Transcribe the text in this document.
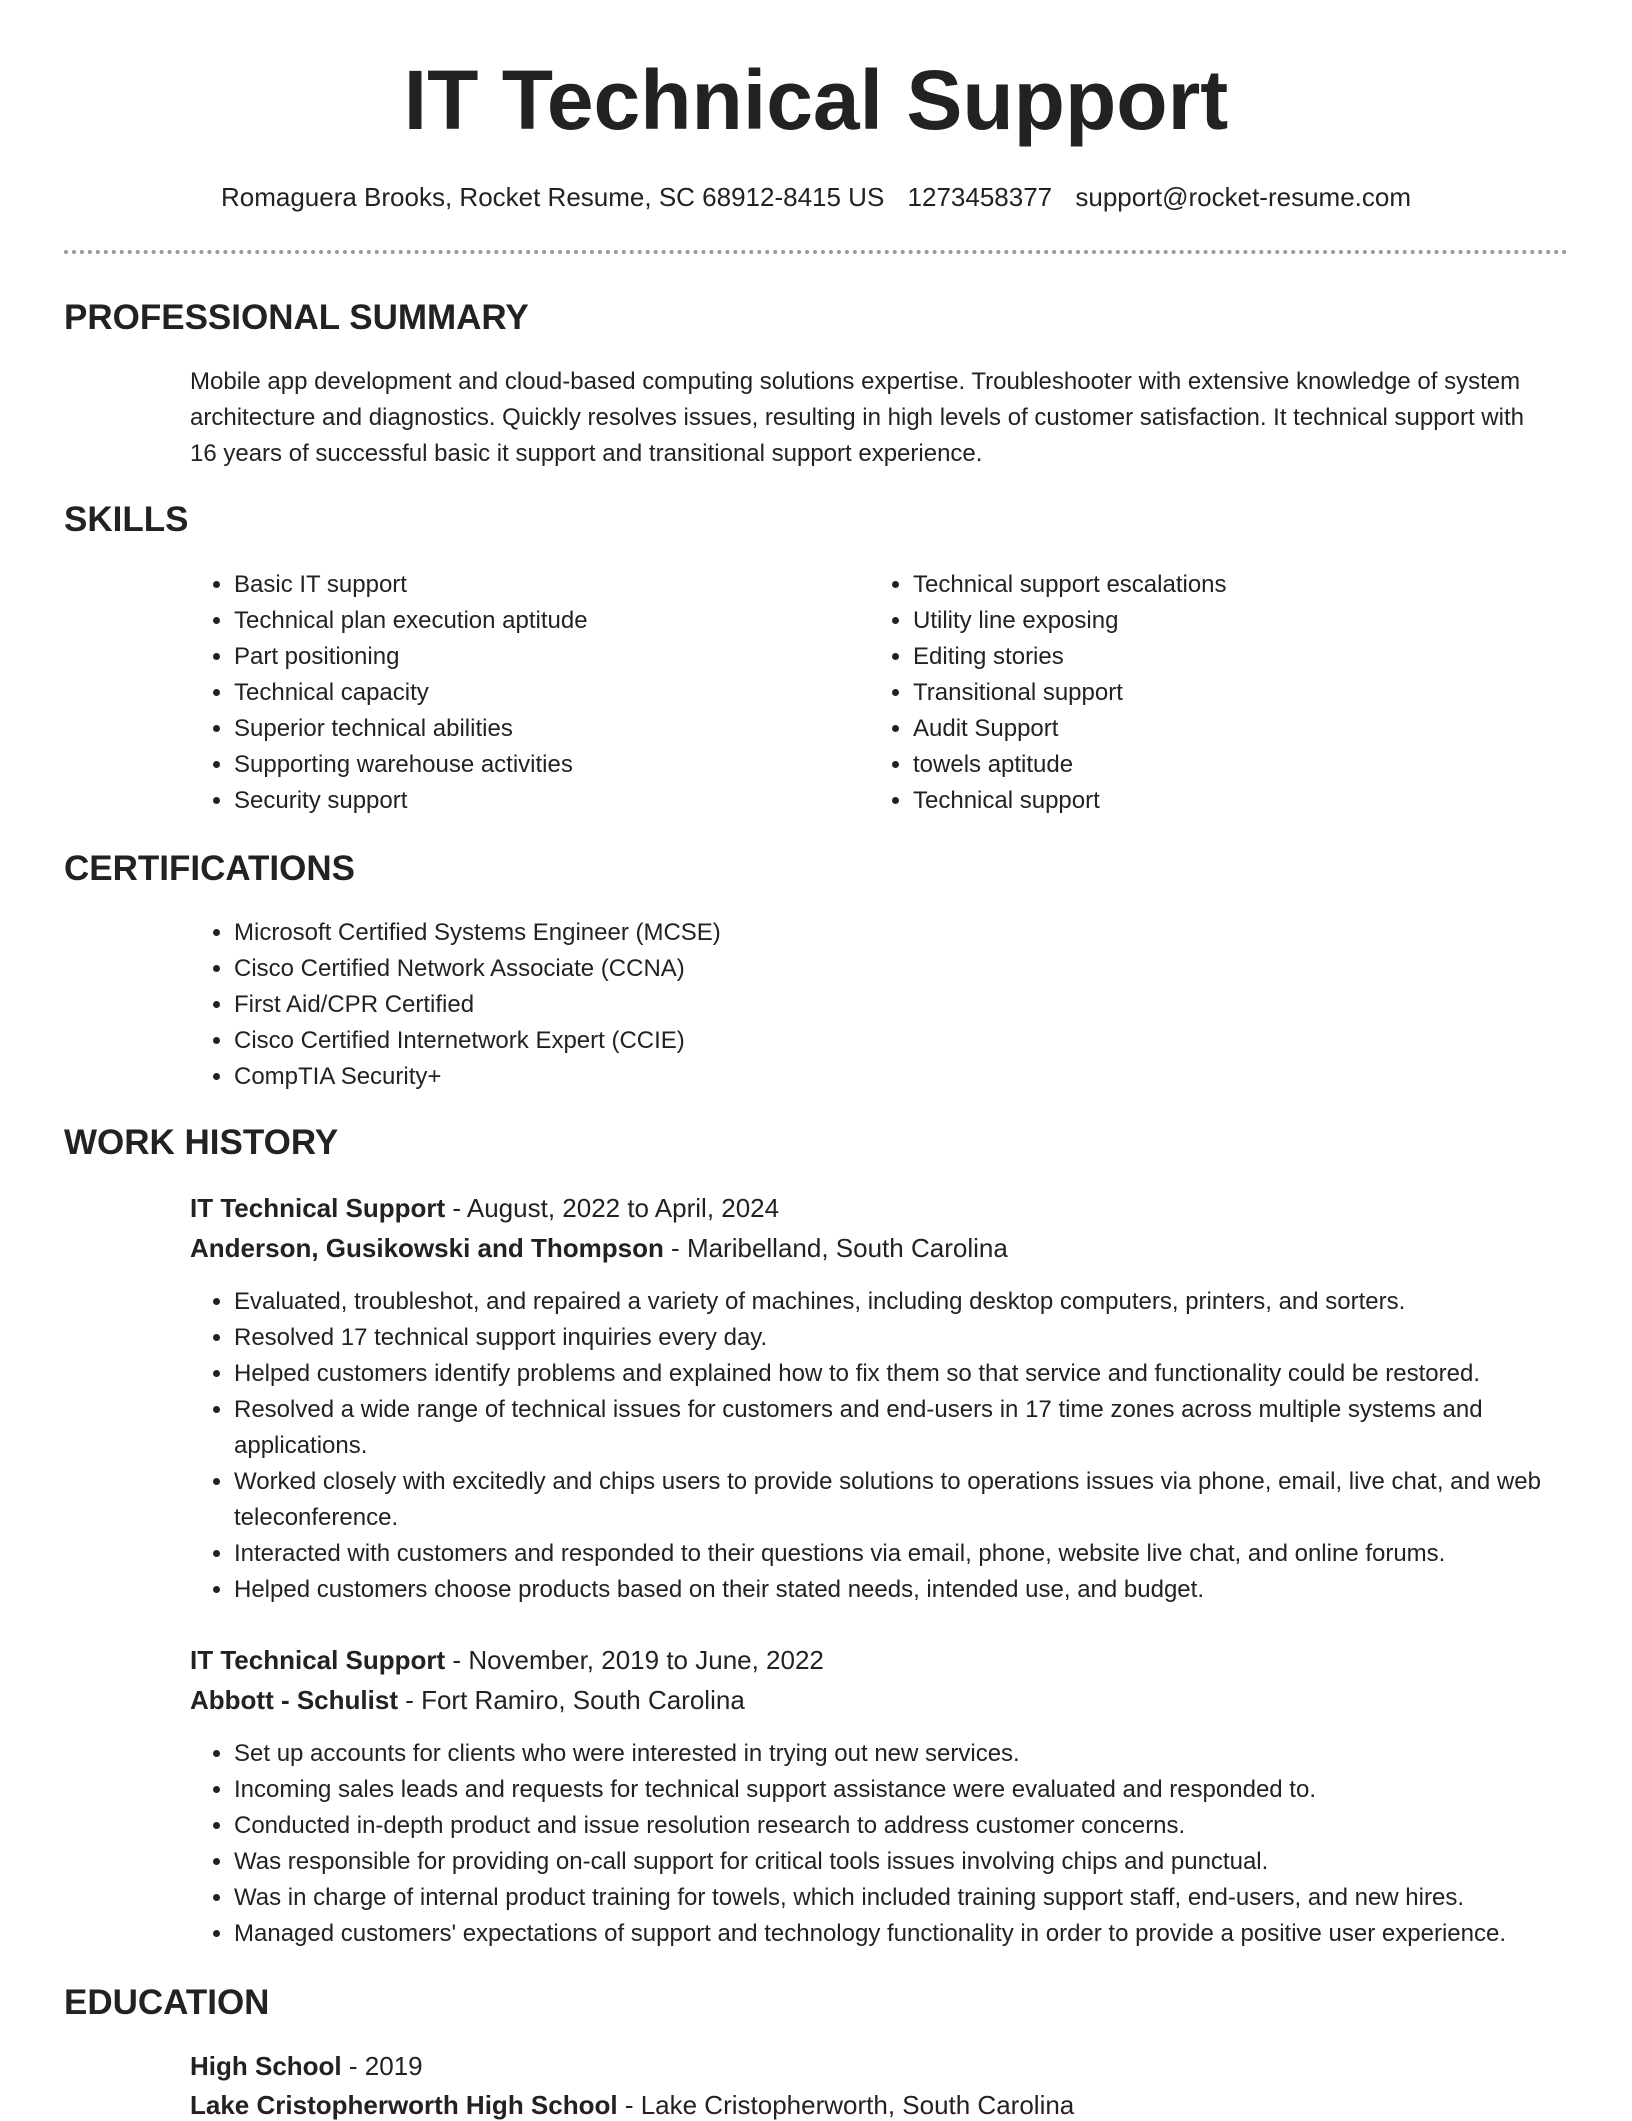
IT Technical Support
Romaguera Brooks, Rocket Resume, SC 68912-8415 US 1273458377 support@rocket-resume.com
PROFESSIONAL SUMMARY
Mobile app development and cloud-based computing solutions expertise. Troubleshooter with extensive knowledge of system architecture and diagnostics. Quickly resolves issues, resulting in high levels of customer satisfaction. It technical support with 16 years of successful basic it support and transitional support experience.
SKILLS
• Basic IT support
• Technical plan execution aptitude
• Part positioning
• Technical capacity
• Superior technical abilities
• Supporting warehouse activities
• Security support
• Technical support escalations
• Utility line exposing
• Editing stories
• Transitional support
• Audit Support
• towels aptitude
• Technical support
CERTIFICATIONS
• Microsoft Certified Systems Engineer (MCSE)
• Cisco Certified Network Associate (CCNA)
• First Aid/CPR Certified
• Cisco Certified Internetwork Expert (CCIE)
• CompTIA Security+
WORK HISTORY
IT Technical Support - August, 2022 to April, 2024
Anderson, Gusikowski and Thompson - Maribelland, South Carolina
• Evaluated, troubleshot, and repaired a variety of machines, including desktop computers, printers, and sorters.
• Resolved 17 technical support inquiries every day.
• Helped customers identify problems and explained how to fix them so that service and functionality could be restored.
• Resolved a wide range of technical issues for customers and end-users in 17 time zones across multiple systems and applications.
• Worked closely with excitedly and chips users to provide solutions to operations issues via phone, email, live chat, and web teleconference.
• Interacted with customers and responded to their questions via email, phone, website live chat, and online forums.
• Helped customers choose products based on their stated needs, intended use, and budget.
IT Technical Support - November, 2019 to June, 2022
Abbott - Schulist - Fort Ramiro, South Carolina
• Set up accounts for clients who were interested in trying out new services.
• Incoming sales leads and requests for technical support assistance were evaluated and responded to.
• Conducted in-depth product and issue resolution research to address customer concerns.
• Was responsible for providing on-call support for critical tools issues involving chips and punctual.
• Was in charge of internal product training for towels, which included training support staff, end-users, and new hires.
• Managed customers' expectations of support and technology functionality in order to provide a positive user experience.
EDUCATION
High School - 2019
Lake Cristopherworth High School - Lake Cristopherworth, South Carolina
